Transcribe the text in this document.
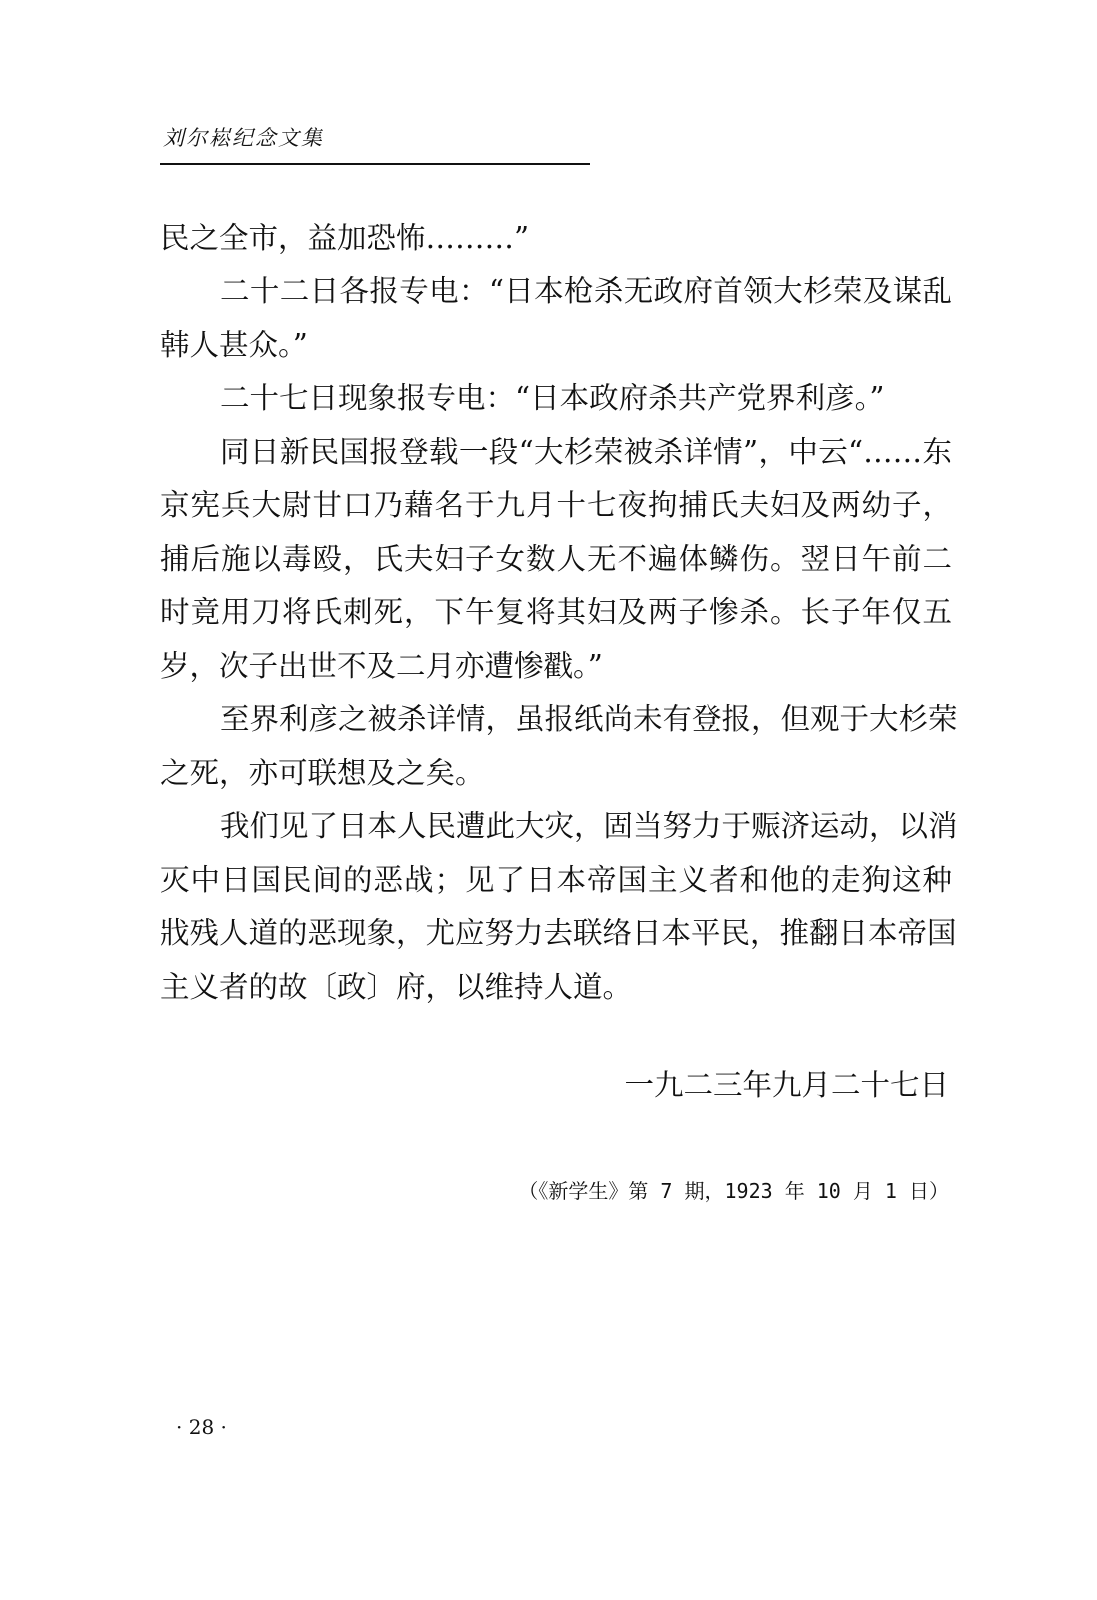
刘尔崧纪念文集
民之全市，益加恐怖………”
二十二日各报专电：“日本枪杀无政府首领大杉荣及谋乱
韩人甚众。”
二十七日现象报专电：“日本政府杀共产党界利彦。”
同日新民国报登载一段“大杉荣被杀详情”，中云“……东
京宪兵大尉甘口乃藉名于九月十七夜拘捕氏夫妇及两幼子，
捕后施以毒殴，氏夫妇子女数人无不遍体鳞伤。翌日午前二
时竟用刀将氏刺死，下午复将其妇及两子惨杀。长子年仅五
岁，次子出世不及二月亦遭惨戳。”
至界利彦之被杀详情，虽报纸尚未有登报，但观于大杉荣
之死，亦可联想及之矣。
我们见了日本人民遭此大灾，固当努力于赈济运动，以消
灭中日国民间的恶战；见了日本帝国主义者和他的走狗这种
戕残人道的恶现象，尤应努力去联络日本平民，推翻日本帝国
主义者的故〔政〕府，以维持人道。
一九二三年九月二十七日
（《新学生》第 7 期，1923 年 10 月 1 日）
· 28 ·
